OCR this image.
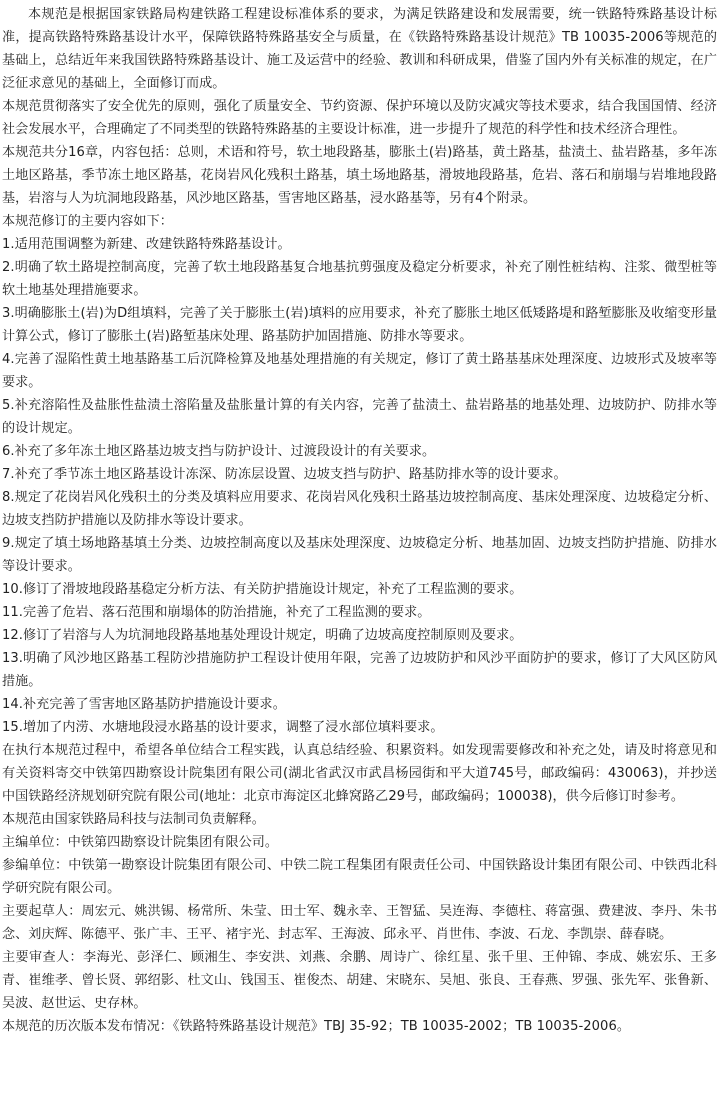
本规范是根据国家铁路局构建铁路工程建设标准体系的要求，为满足铁路建设和发展需要，统一铁路特殊路基设计标准，提高铁路特殊路基设计水平，保障铁路特殊路基安全与质量，在《铁路特殊路基设计规范》TB 10035-2006等规范的基础上，总结近年来我国铁路特殊路基设计、施工及运营中的经验、教训和科研成果，借鉴了国内外有关标准的规定，在广泛征求意见的基础上，全面修订而成。

本规范贯彻落实了安全优先的原则，强化了质量安全、节约资源、保护环境以及防灾减灾等技术要求，结合我国国情、经济社会发展水平，合理确定了不同类型的铁路特殊路基的主要设计标准，进一步提升了规范的科学性和技术经济合理性。

本规范共分16章，内容包括：总则，术语和符号，软土地段路基，膨胀土(岩)路基，黄土路基，盐渍土、盐岩路基，多年冻土地区路基，季节冻土地区路基，花岗岩风化残积土路基，填土场地路基，滑坡地段路基，危岩、落石和崩塌与岩堆地段路基，岩溶与人为坑洞地段路基，风沙地区路基，雪害地区路基，浸水路基等，另有4个附录。

本规范修订的主要内容如下：

1.适用范围调整为新建、改建铁路特殊路基设计。

2.明确了软土路堤控制高度，完善了软土地段路基复合地基抗剪强度及稳定分析要求，补充了刚性桩结构、注浆、微型桩等软土地基处理措施要求。

3.明确膨胀土(岩)为D组填料，完善了关于膨胀土(岩)填料的应用要求，补充了膨胀土地区低矮路堤和路堑膨胀及收缩变形量计算公式，修订了膨胀土(岩)路堑基床处理、路基防护加固措施、防排水等要求。

4.完善了湿陷性黄土地基路基工后沉降检算及地基处理措施的有关规定，修订了黄土路基基床处理深度、边坡形式及坡率等要求。

5.补充溶陷性及盐胀性盐渍土溶陷量及盐胀量计算的有关内容，完善了盐渍土、盐岩路基的地基处理、边坡防护、防排水等的设计规定。

6.补充了多年冻土地区路基边坡支挡与防护设计、过渡段设计的有关要求。

7.补充了季节冻土地区路基设计冻深、防冻层设置、边坡支挡与防护、路基防排水等的设计要求。

8.规定了花岗岩风化残积土的分类及填料应用要求、花岗岩风化残积土路基边坡控制高度、基床处理深度、边坡稳定分析、边坡支挡防护措施以及防排水等设计要求。

9.规定了填土场地路基填土分类、边坡控制高度以及基床处理深度、边坡稳定分析、地基加固、边坡支挡防护措施、防排水等设计要求。

10.修订了滑坡地段路基稳定分析方法、有关防护措施设计规定，补充了工程监测的要求。

11.完善了危岩、落石范围和崩塌体的防治措施，补充了工程监测的要求。

12.修订了岩溶与人为坑洞地段路基地基处理设计规定，明确了边坡高度控制原则及要求。

13.明确了风沙地区路基工程防沙措施防护工程设计使用年限，完善了边坡防护和风沙平面防护的要求，修订了大风区防风措施。

14.补充完善了雪害地区路基防护措施设计要求。

15.增加了内涝、水塘地段浸水路基的设计要求，调整了浸水部位填料要求。

在执行本规范过程中，希望各单位结合工程实践，认真总结经验、积累资料。如发现需要修改和补充之处，请及时将意见和有关资料寄交中铁第四勘察设计院集团有限公司(湖北省武汉市武昌杨园街和平大道745号，邮政编码：430063)，并抄送中国铁路经济规划研究院有限公司(地址：北京市海淀区北蜂窝路乙29号，邮政编码；100038)，供今后修订时参考。

本规范由国家铁路局科技与法制司负责解释。

主编单位：中铁第四勘察设计院集团有限公司。

参编单位：中铁第一勘察设计院集团有限公司、中铁二院工程集团有限责任公司、中国铁路设计集团有限公司、中铁西北科学研究院有限公司。

主要起草人：周宏元、姚洪锡、杨常所、朱莹、田士军、魏永幸、王智猛、吴连海、李德柱、蒋富强、费建波、李丹、朱书念、刘庆辉、陈德平、张广丰、王平、褚宇光、封志军、王海波、邱永平、肖世伟、李波、石龙、李凯崇、薛春晓。

主要审查人：李海光、彭泽仁、顾湘生、李安洪、刘燕、余鹏、周诗广、徐红星、张千里、王仲锦、李成、姚宏乐、王多青、崔维孝、曾长贤、郭绍影、杜文山、钱国玉、崔俊杰、胡建、宋晓东、吴旭、张良、王春燕、罗强、张先军、张鲁新、吴波、赵世运、史存林。

本规范的历次版本发布情况：《铁路特殊路基设计规范》TBJ 35-92；TB 10035-2002；TB 10035-2006。
